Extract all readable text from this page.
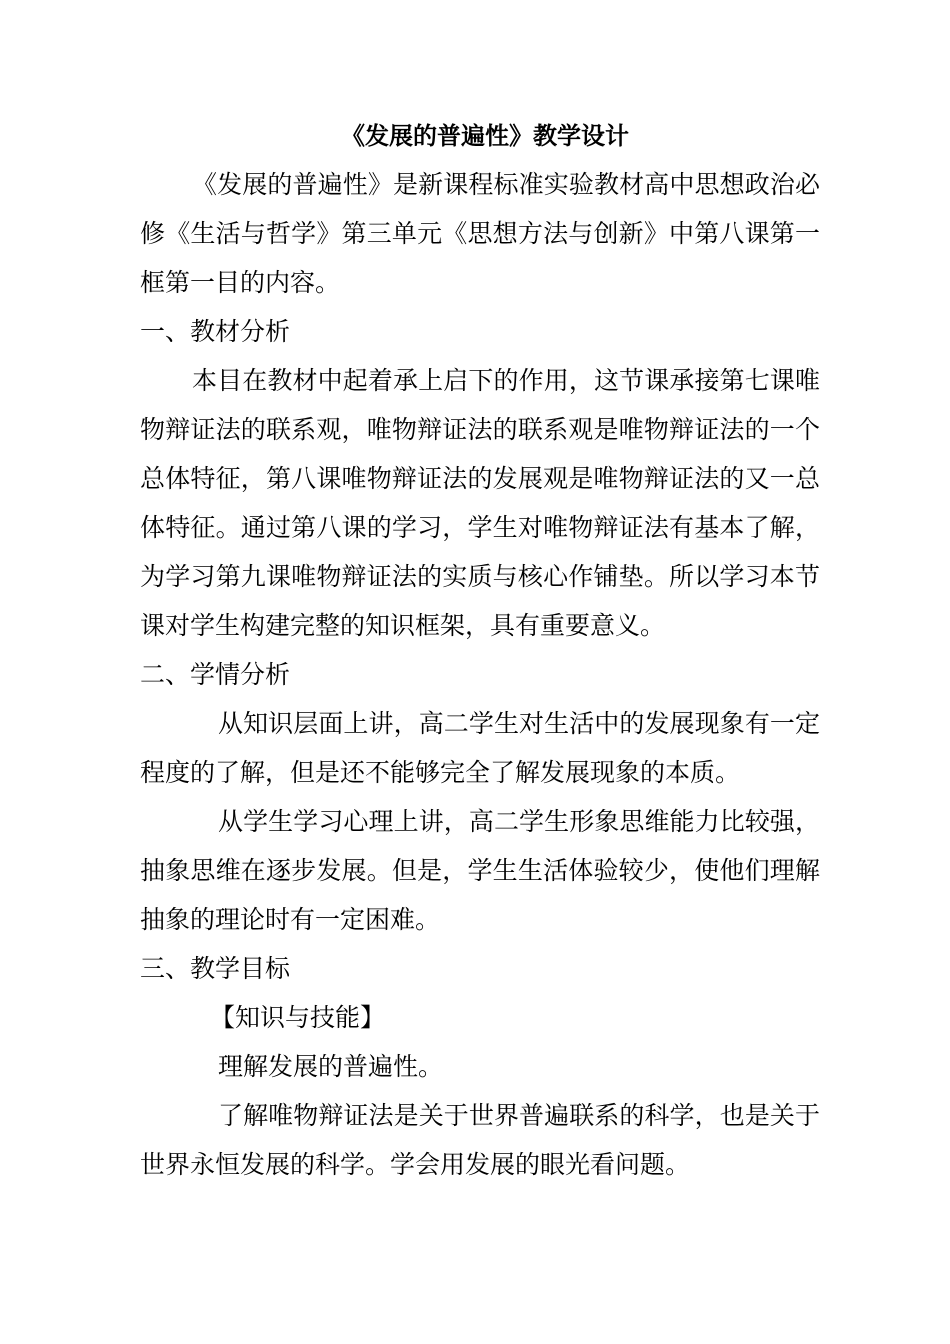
《发展的普遍性》教学设计

《发展的普遍性》是新课程标准实验教材高中思想政治必修《生活与哲学》第三单元《思想方法与创新》中第八课第一框第一目的内容。

一、教材分析

本目在教材中起着承上启下的作用，这节课承接第七课唯物辩证法的联系观，唯物辩证法的联系观是唯物辩证法的一个总体特征，第八课唯物辩证法的发展观是唯物辩证法的又一总体特征。通过第八课的学习，学生对唯物辩证法有基本了解，为学习第九课唯物辩证法的实质与核心作铺垫。所以学习本节课对学生构建完整的知识框架，具有重要意义。

二、学情分析

从知识层面上讲，高二学生对生活中的发展现象有一定程度的了解，但是还不能够完全了解发展现象的本质。

从学生学习心理上讲，高二学生形象思维能力比较强，抽象思维在逐步发展。但是，学生生活体验较少，使他们理解抽象的理论时有一定困难。

三、教学目标

【知识与技能】

理解发展的普遍性。

了解唯物辩证法是关于世界普遍联系的科学，也是关于世界永恒发展的科学。学会用发展的眼光看问题。
